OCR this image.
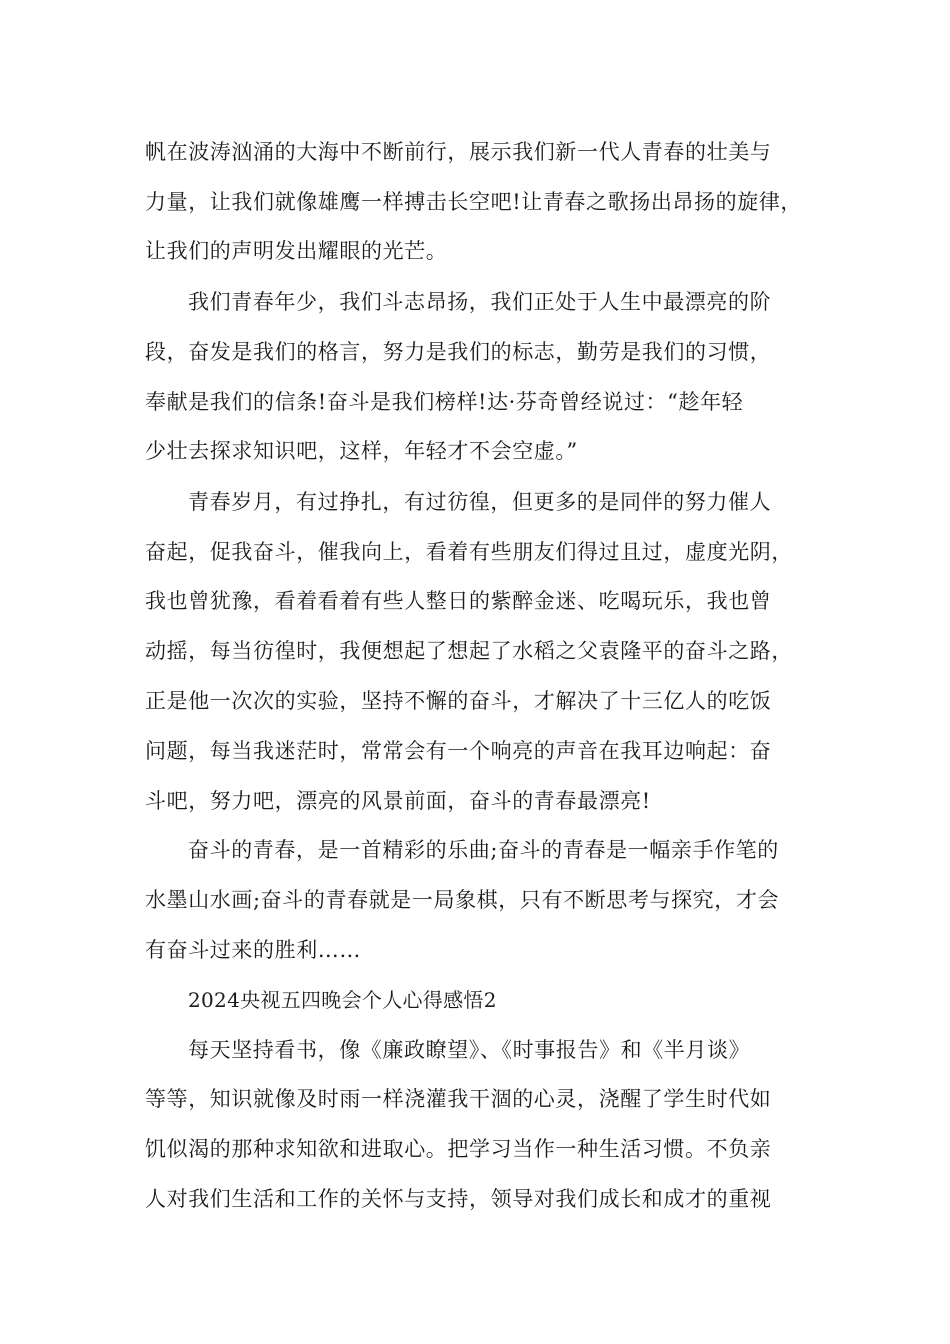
帆在波涛汹涌的大海中不断前行，展示我们新一代人青春的壮美与
力量，让我们就像雄鹰一样搏击长空吧!让青春之歌扬出昂扬的旋律，
让我们的声明发出耀眼的光芒。
我们青春年少，我们斗志昂扬，我们正处于人生中最漂亮的阶
段，奋发是我们的格言，努力是我们的标志，勤劳是我们的习惯，
奉献是我们的信条!奋斗是我们榜样!达·芬奇曾经说过：“趁年轻
少壮去探求知识吧，这样，年轻才不会空虚。”
青春岁月，有过挣扎，有过彷徨，但更多的是同伴的努力催人
奋起，促我奋斗，催我向上，看着有些朋友们得过且过，虚度光阴，
我也曾犹豫，看着看着有些人整日的紫醉金迷、吃喝玩乐，我也曾
动摇，每当彷徨时，我便想起了想起了水稻之父袁隆平的奋斗之路，
正是他一次次的实验，坚持不懈的奋斗，才解决了十三亿人的吃饭
问题，每当我迷茫时，常常会有一个响亮的声音在我耳边响起：奋
斗吧，努力吧，漂亮的风景前面，奋斗的青春最漂亮!
奋斗的青春，是一首精彩的乐曲;奋斗的青春是一幅亲手作笔的
水墨山水画;奋斗的青春就是一局象棋，只有不断思考与探究，才会
有奋斗过来的胜利……
2024央视五四晚会个人心得感悟2
每天坚持看书，像《廉政瞭望》、《时事报告》和《半月谈》
等等，知识就像及时雨一样浇灌我干涸的心灵，浇醒了学生时代如
饥似渴的那种求知欲和进取心。把学习当作一种生活习惯。不负亲
人对我们生活和工作的关怀与支持，领导对我们成长和成才的重视
